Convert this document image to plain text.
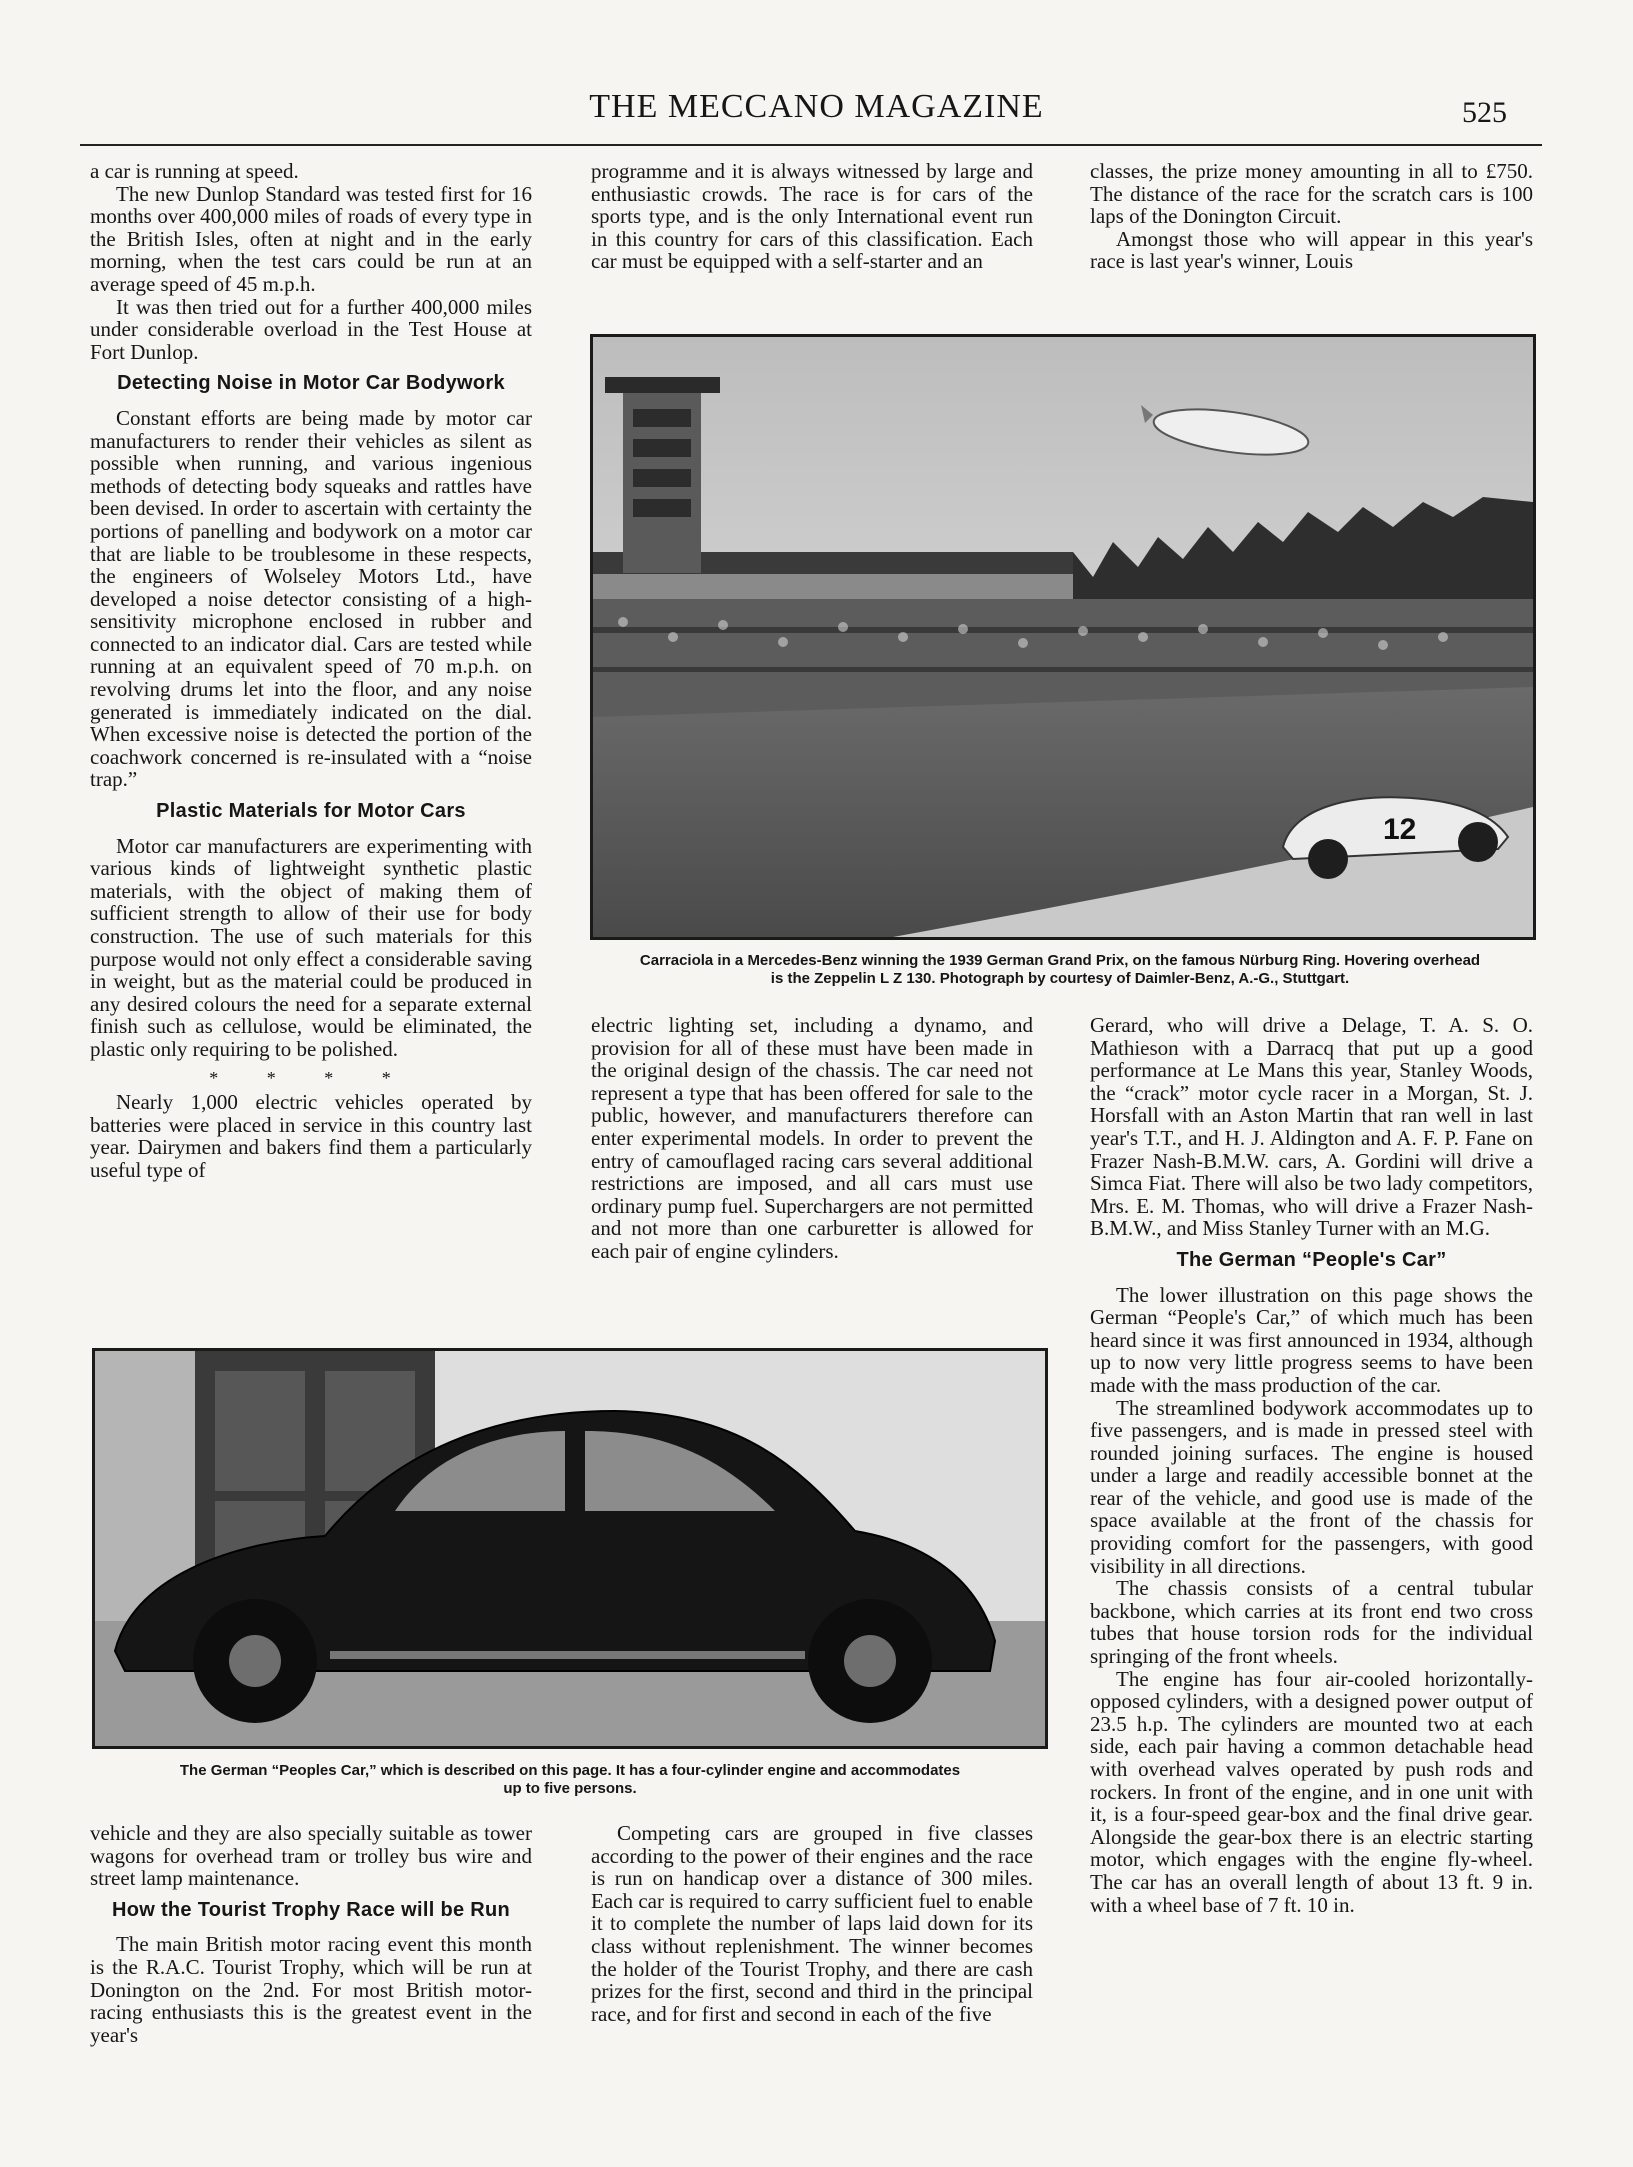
THE MECCANO MAGAZINE	525

a car is running at speed.

The new Dunlop Standard was tested first for 16 months over 400,000 miles of roads of every type in the British Isles, often at night and in the early morning, when the test cars could be run at an average speed of 45 m.p.h.

It was then tried out for a further 400,000 miles under considerable overload in the Test House at Fort Dunlop.

Detecting Noise in Motor Car Bodywork

Constant efforts are being made by motor car manufacturers to render their vehicles as silent as possible when running, and various ingenious methods of detecting body squeaks and rattles have been devised. In order to ascertain with certainty the portions of panelling and bodywork on a motor car that are liable to be troublesome in these respects, the engineers of Wolseley Motors Ltd., have developed a noise detector consisting of a high-sensitivity microphone enclosed in rubber and connected to an indicator dial. Cars are tested while running at an equivalent speed of 70 m.p.h. on revolving drums let into the floor, and any noise generated is immediately indicated on the dial. When excessive noise is detected the portion of the coachwork concerned is re-insulated with a “noise trap.”

Plastic Materials for Motor Cars

Motor car manufacturers are experimenting with various kinds of lightweight synthetic plastic materials, with the object of making them of sufficient strength to allow of their use for body construction. The use of such materials for this purpose would not only effect a considerable saving in weight, but as the material could be produced in any desired colours the need for a separate external finish such as cellulose, would be eliminated, the plastic only requiring to be polished.

* * * *

Nearly 1,000 electric vehicles operated by batteries were placed in service in this country last year. Dairymen and bakers find them a particularly useful type of

programme and it is always witnessed by large and enthusiastic crowds. The race is for cars of the sports type, and is the only International event run in this country for cars of this classification. Each car must be equipped with a self-starter and an

classes, the prize money amounting in all to £750. The distance of the race for the scratch cars is 100 laps of the Donington Circuit.

Amongst those who will appear in this year's race is last year's winner, Louis

12
Carraciola in a Mercedes-Benz winning the 1939 German Grand Prix, on the famous Nürburg Ring. Hovering overhead
is the Zeppelin L Z 130. Photograph by courtesy of Daimler-Benz, A.-G., Stuttgart.

electric lighting set, including a dynamo, and provision for all of these must have been made in the original design of the chassis. The car need not represent a type that has been offered for sale to the public, however, and manufacturers therefore can enter experimental models. In order to prevent the entry of camouflaged racing cars several additional restrictions are imposed, and all cars must use ordinary pump fuel. Superchargers are not permitted and not more than one carburetter is allowed for each pair of engine cylinders.

Gerard, who will drive a Delage, T. A. S. O. Mathieson with a Darracq that put up a good performance at Le Mans this year, Stanley Woods, the “crack” motor cycle racer in a Morgan, St. J. Horsfall with an Aston Martin that ran well in last year's T.T., and H. J. Aldington and A. F. P. Fane on Frazer Nash-B.M.W. cars, A. Gordini will drive a Simca Fiat. There will also be two lady competitors, Mrs. E. M. Thomas, who will drive a Frazer Nash-B.M.W., and Miss Stanley Turner with an M.G.

The German “People's Car”

The lower illustration on this page shows the German “People's Car,” of which much has been heard since it was first announced in 1934, although up to now very little progress seems to have been made with the mass production of the car.

The streamlined bodywork accommodates up to five passengers, and is made in pressed steel with rounded joining surfaces. The engine is housed under a large and readily accessible bonnet at the rear of the vehicle, and good use is made of the space available at the front of the chassis for providing comfort for the passengers, with good visibility in all directions.

The chassis consists of a central tubular backbone, which carries at its front end two cross tubes that house torsion rods for the individual springing of the front wheels.

The engine has four air-cooled horizontally-opposed cylinders, with a designed power output of 23.5 h.p. The cylinders are mounted two at each side, each pair having a common detachable head with overhead valves operated by push rods and rockers. In front of the engine, and in one unit with it, is a four-speed gear-box and the final drive gear. Alongside the gear-box there is an electric starting motor, which engages with the engine fly-wheel. The car has an overall length of about 13 ft. 9 in. with a wheel base of 7 ft. 10 in.

The German “Peoples Car,” which is described on this page. It has a four-cylinder engine and accommodates
up to five persons.

vehicle and they are also specially suitable as tower wagons for overhead tram or trolley bus wire and street lamp maintenance.

How the Tourist Trophy Race will be Run

The main British motor racing event this month is the R.A.C. Tourist Trophy, which will be run at Donington on the 2nd. For most British motor-racing enthusiasts this is the greatest event in the year's

Competing cars are grouped in five classes according to the power of their engines and the race is run on handicap over a distance of 300 miles. Each car is required to carry sufficient fuel to enable it to complete the number of laps laid down for its class without replenishment. The winner becomes the holder of the Tourist Trophy, and there are cash prizes for the first, second and third in the principal race, and for first and second in each of the five
